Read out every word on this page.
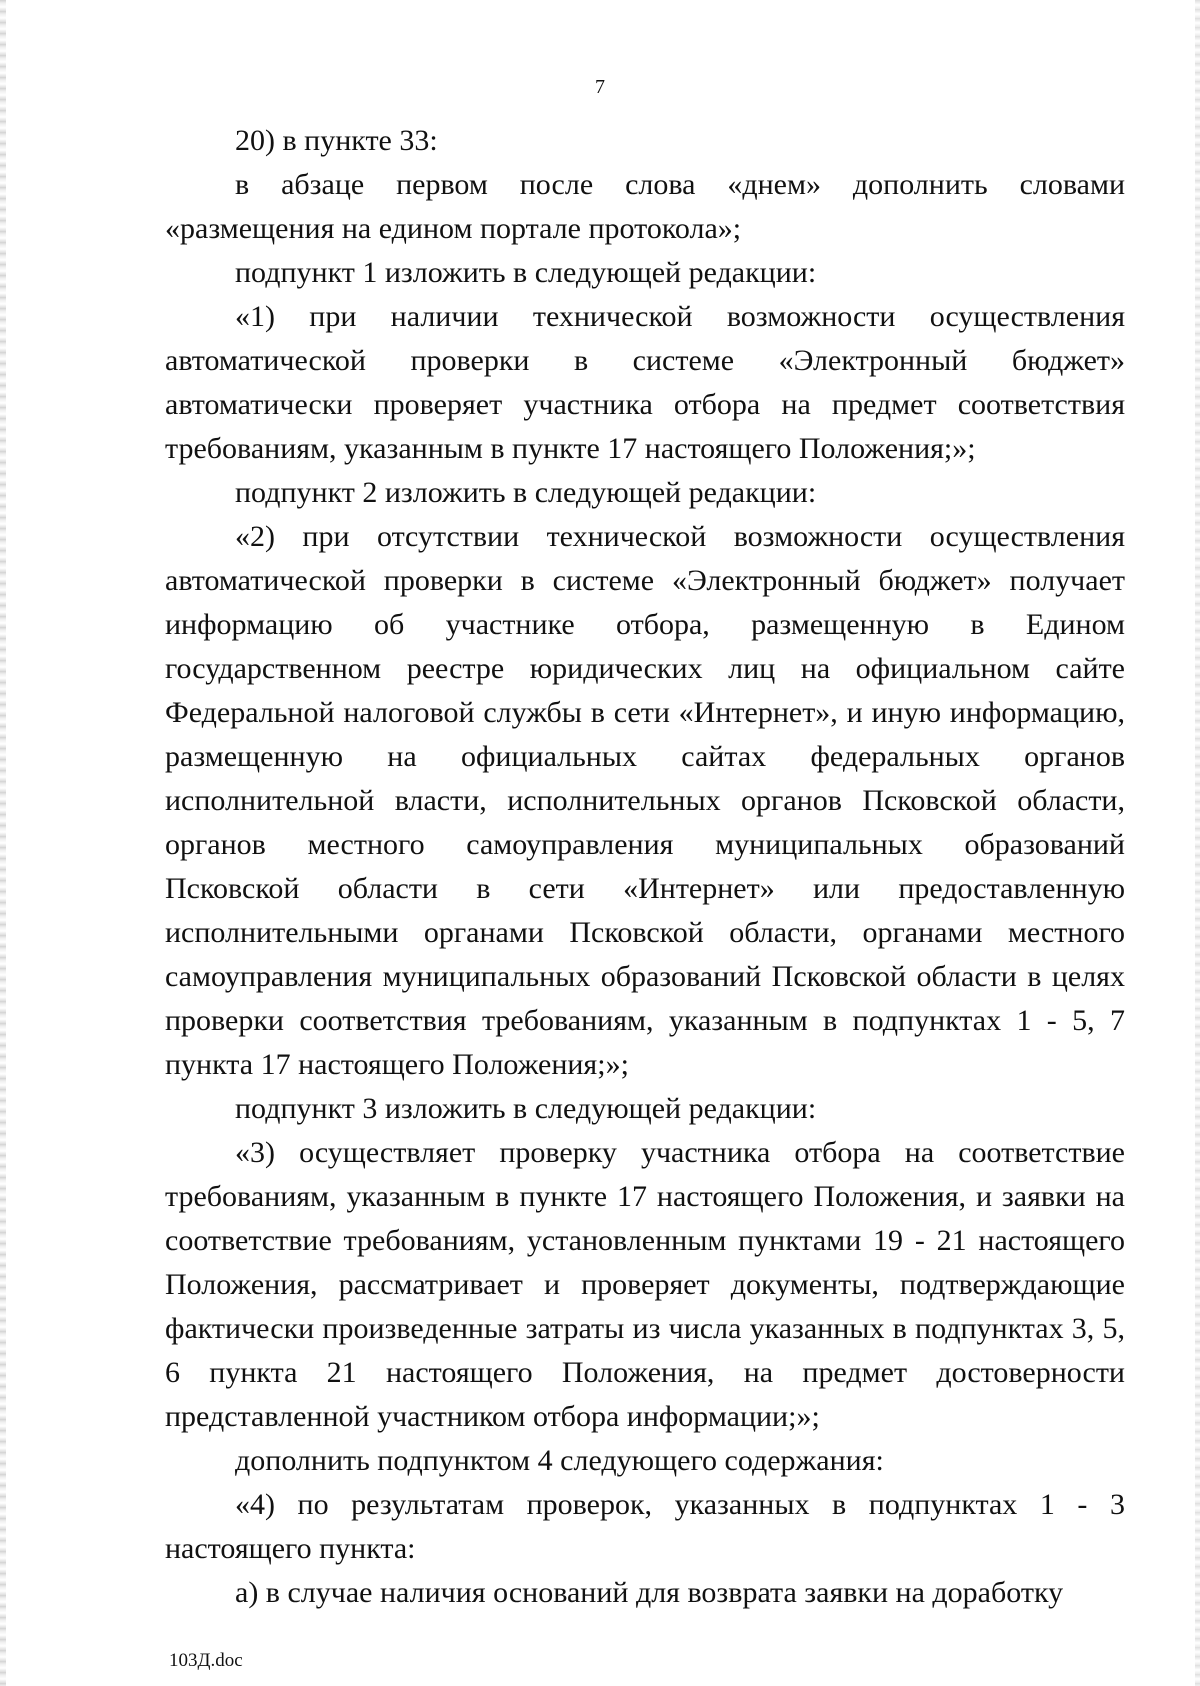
7

20) в пункте 33:

в абзаце первом после слова «днем» дополнить словами «размещения на едином портале протокола»;

подпункт 1 изложить в следующей редакции:

«1) при наличии технической возможности осуществления автоматической проверки в системе «Электронный бюджет» автоматически проверяет участника отбора на предмет соответствия требованиям, указанным в пункте 17 настоящего Положения;»;

подпункт 2 изложить в следующей редакции:

«2) при отсутствии технической возможности осуществления автоматической проверки в системе «Электронный бюджет» получает информацию об участнике отбора, размещенную в Едином государственном реестре юридических лиц на официальном сайте Федеральной налоговой службы в сети «Интернет», и иную информацию, размещенную на официальных сайтах федеральных органов исполнительной власти, исполнительных органов Псковской области, органов местного самоуправления муниципальных образований Псковской области в сети «Интернет» или предоставленную исполнительными органами Псковской области, органами местного самоуправления муниципальных образований Псковской области в целях проверки соответствия требованиям, указанным в подпунктах 1 - 5, 7 пункта 17 настоящего Положения;»;

подпункт 3 изложить в следующей редакции:

«3) осуществляет проверку участника отбора на соответствие требованиям, указанным в пункте 17 настоящего Положения, и заявки на соответствие требованиям, установленным пунктами 19 - 21 настоящего Положения, рассматривает и проверяет документы, подтверждающие фактически произведенные затраты из числа указанных в подпунктах 3, 5, 6 пункта 21 настоящего Положения, на предмет достоверности представленной участником отбора информации;»;

дополнить подпунктом 4 следующего содержания:

«4) по результатам проверок, указанных в подпунктах 1 - 3 настоящего пункта:

а) в случае наличия оснований для возврата заявки на доработку

103Д.doc
